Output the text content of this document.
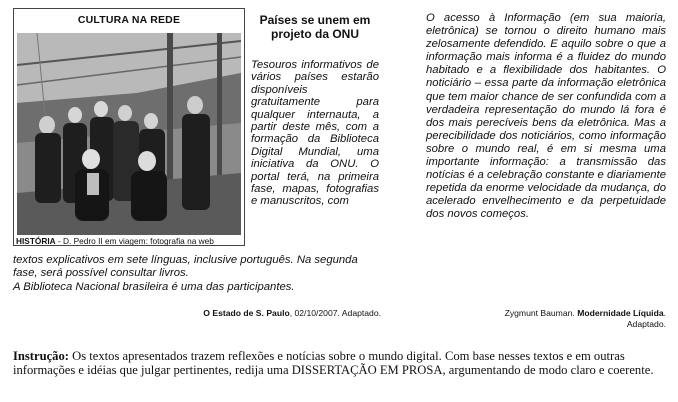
CULTURA NA REDE
HISTÓRIA - D. Pedro II em viagem: fotografia na web
Países se unem em projeto da ONU
Tesouros informativos de vários países estarão disponíveis gratuitamente para qualquer internauta, a partir deste mês, com a formação da Biblioteca Digital Mundial, uma iniciativa da ONU. O portal terá, na primeira fase, mapas, fotografias e manuscritos, com
textos explicativos em sete línguas, inclusive português. Na segunda fase, será possível consultar livros.
A Biblioteca Nacional brasileira é uma das participantes.
O Estado de S. Paulo, 02/10/2007. Adaptado.
O acesso à Informação (em sua maioria, eletrônica) se tornou o direito humano mais zelosamente defendido. E aquilo sobre o que a informação mais informa é a fluidez do mundo habitado e a flexibilidade dos habitantes. O noticiário – essa parte da informação eletrônica que tem maior chance de ser confundida com a verdadeira representação do mundo lá fora é dos mais perecíveis bens da eletrônica. Mas a perecibilidade dos noticiários, como informação sobre o mundo real, é em si mesma uma importante informação: a transmissão das notícias é a celebração constante e diariamente repetida da enorme velocidade da mudança, do acelerado envelhecimento e da perpetuidade dos novos começos.
Zygmunt Bauman. Modernidade Líquida.
Adaptado.
Instrução: Os textos apresentados trazem reflexões e notícias sobre o mundo digital. Com base nesses textos e em outras informações e idéias que julgar pertinentes, redija uma DISSERTAÇÃO EM PROSA, argumentando de modo claro e coerente.
